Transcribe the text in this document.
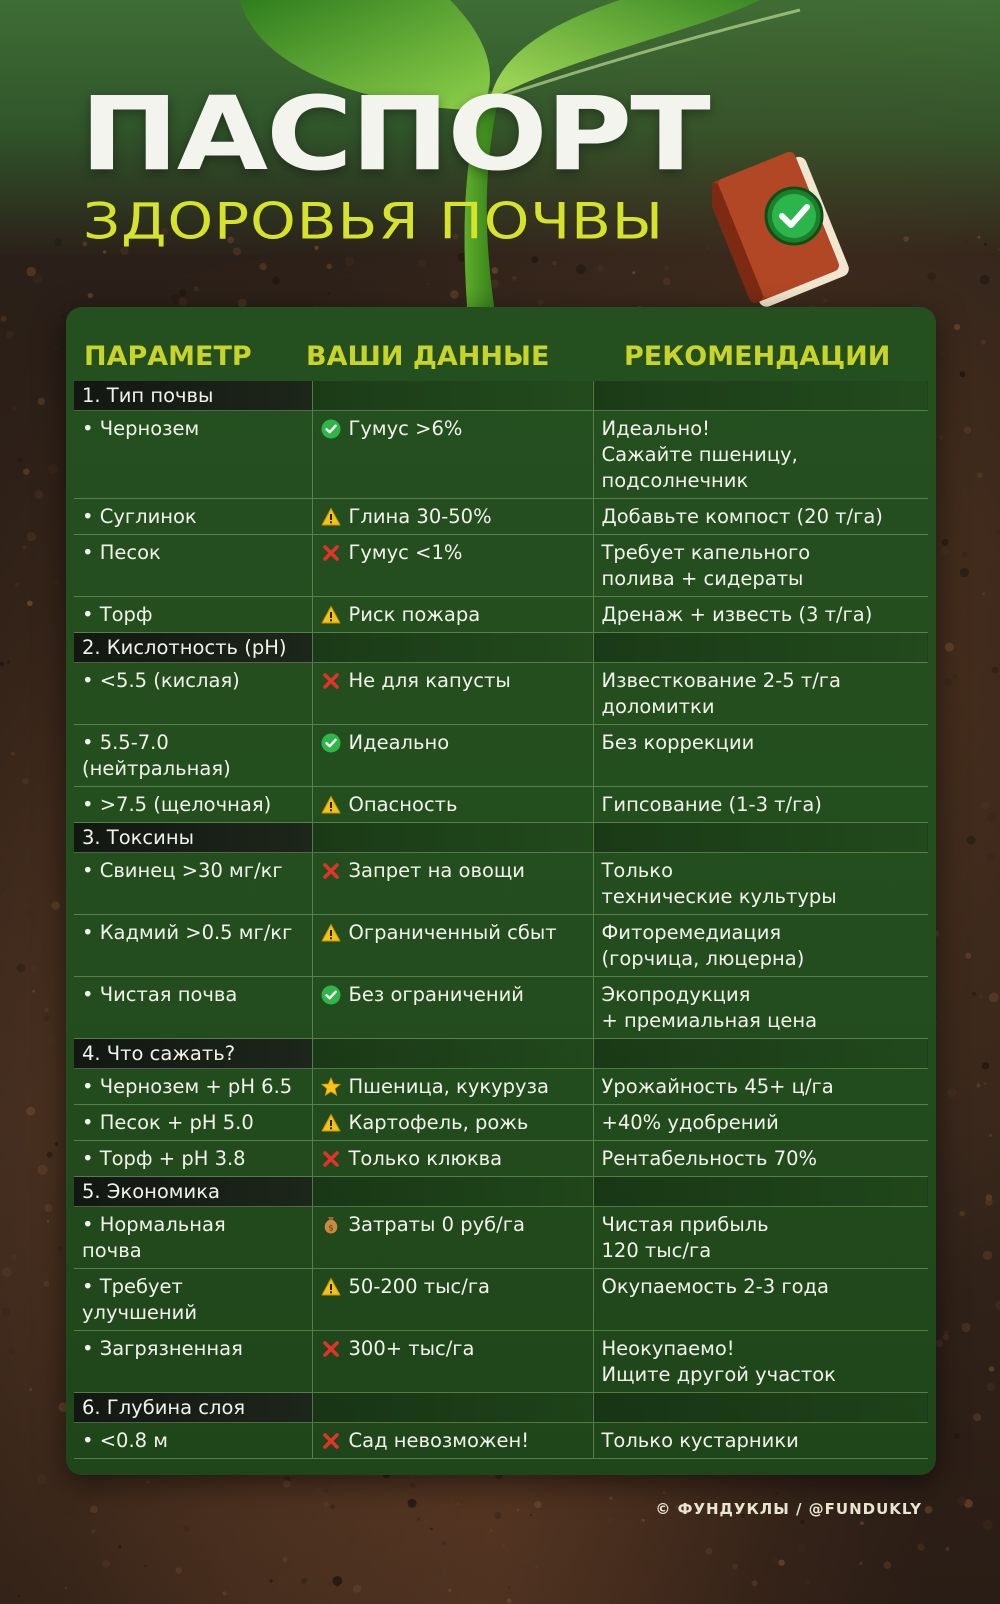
ПАСПОРТ
ЗДОРОВЬЯ ПОЧВЫ
ПАРАМЕТР ВАШИ ДАННЫЕ	РЕКОМЕНДАЦИИ
1. Тип почвы		
• Чернозем	Гумус >6%	Идеально!
Сажайте пшеницу,
подсолнечник
• Суглинок	Глина 30-50%	Добавьте компост (20 т/га)
• Песок	Гумус <1%	Требует капельного
полива + сидераты
• Торф	Риск пожара	Дренаж + известь (3 т/га)
2. Кислотность (pH)		
• <5.5 (кислая)	Не для капусты	Известкование 2-5 т/га
доломитки
• 5.5-7.0
(нейтральная)	Идеально	Без коррекции
• >7.5 (щелочная)	Опасность	Гипсование (1-3 т/га)
3. Токсины		
• Свинец >30 мг/кг	Запрет на овощи	Только
технические культуры
• Кадмий >0.5 мг/кг	Ограниченный сбыт	Фиторемедиация
(горчица, люцерна)
• Чистая почва	Без ограничений	Экопродукция
+ премиальная цена
4. Что сажать?		
• Чернозем + pH 6.5	Пшеница, кукуруза	Урожайность 45+ ц/га
• Песок + pH 5.0	Картофель, рожь	+40% удобрений
• Торф + pH 3.8	Только клюква	Рентабельность 70%
5. Экономика		
• Нормальная
почва	$ Затраты 0 руб/га	Чистая прибыль
120 тыс/га
• Требует
улучшений	50-200 тыс/га	Окупаемость 2-3 года
• Загрязненная	300+ тыс/га	Неокупаемо!
Ищите другой участок
6. Глубина слоя		
• <0.8 м	Сад невозможен!	Только кустарники
© ФУНДУКЛЫ / @FUNDUKLY
